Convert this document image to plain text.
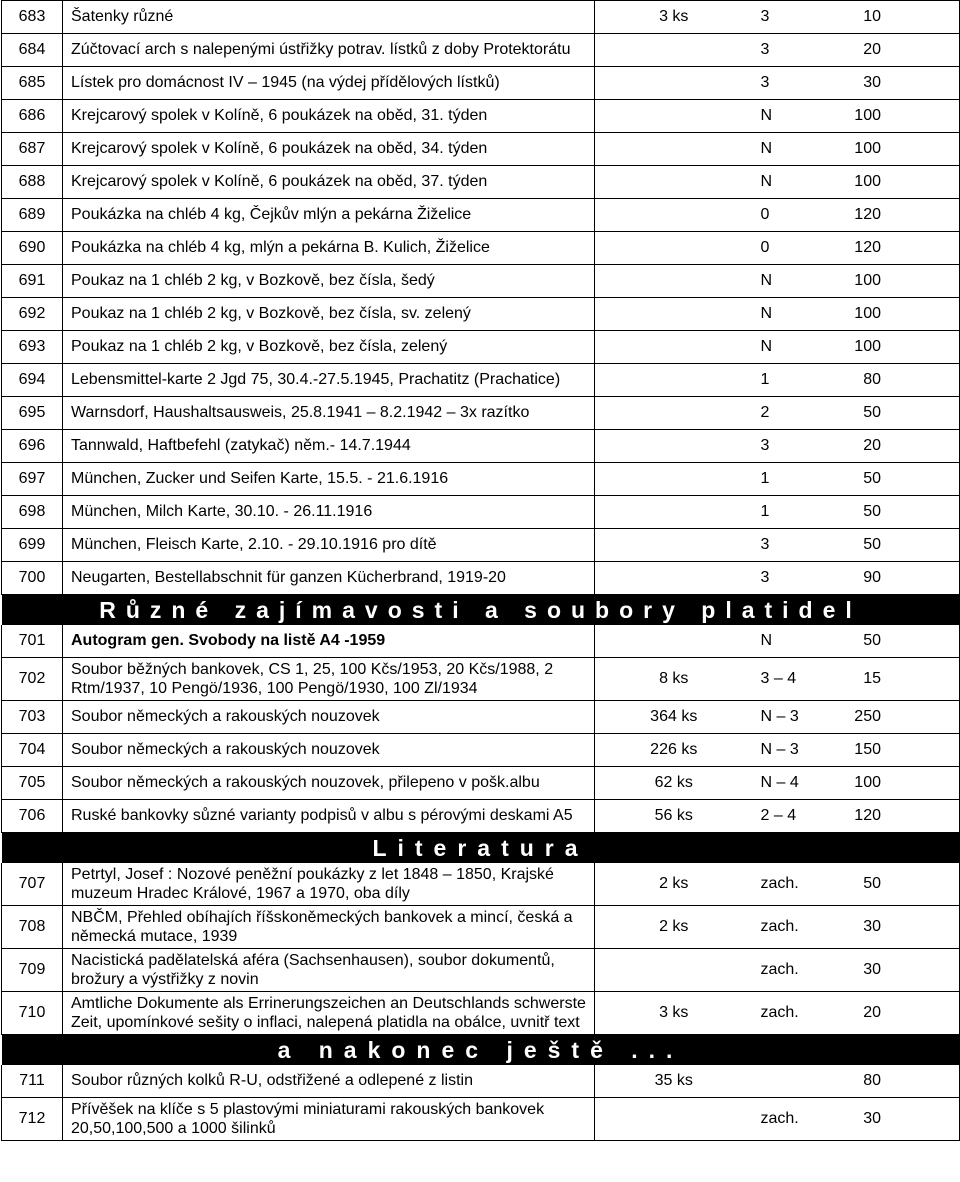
683	Šatenky různé	3 ks	3	10
684	Zúčtovací arch s nalepenými ústřižky potrav. lístků z doby Protektorátu		3	20
685	Lístek pro domácnost IV – 1945 (na výdej přídělových lístků)		3	30
686	Krejcarový spolek v Kolíně, 6 poukázek na oběd, 31. týden		N	100
687	Krejcarový spolek v Kolíně, 6 poukázek na oběd, 34. týden		N	100
688	Krejcarový spolek v Kolíně, 6 poukázek na oběd, 37. týden		N	100
689	Poukázka na chléb 4 kg, Čejkův mlýn a pekárna Žiželice		0	120
690	Poukázka na chléb 4 kg, mlýn a pekárna B. Kulich, Žiželice		0	120
691	Poukaz na 1 chléb 2 kg, v Bozkově, bez čísla, šedý		N	100
692	Poukaz na 1 chléb 2 kg, v Bozkově, bez čísla, sv. zelený		N	100
693	Poukaz na 1 chléb 2 kg, v Bozkově, bez čísla, zelený		N	100
694	Lebensmittel-karte 2 Jgd 75, 30.4.-27.5.1945, Prachatitz (Prachatice)		1	80
695	Warnsdorf, Haushaltsausweis, 25.8.1941 – 8.2.1942 – 3x razítko		2	50
696	Tannwald, Haftbefehl (zatykač) něm.- 14.7.1944		3	20
697	München, Zucker und Seifen Karte, 15.5. - 21.6.1916		1	50
698	München, Milch Karte, 30.10. - 26.11.1916		1	50
699	München, Fleisch Karte, 2.10. - 29.10.1916 pro dítě		3	50
700	Neugarten, Bestellabschnit für ganzen Kücherbrand, 1919-20		3	90
Různé zajímavosti a soubory platidel				
701	Autogram gen. Svobody na listě A4 -1959		N	50
702	Soubor běžných bankovek, CS 1, 25, 100 Kčs/1953, 20 Kčs/1988, 2 Rtm/1937, 10 Pengö/1936, 100 Pengö/1930, 100 Zl/1934	8 ks	3 – 4	15
703	Soubor německých a rakouských nouzovek	364 ks	N – 3	250
704	Soubor německých a rakouských nouzovek	226 ks	N – 3	150
705	Soubor německých a rakouských nouzovek, přilepeno v pošk.albu	62 ks	N – 4	100
706	Ruské bankovky sůzné varianty podpisů v albu s pérovými deskami A5	56 ks	2 – 4	120
Literatura				
707	Petrtyl, Josef : Nozové peněžní poukázky z let 1848 – 1850, Krajské muzeum Hradec Králové, 1967 a 1970, oba díly	2 ks	zach.	50
708	NBČM, Přehled obíhajích říšskoněmeckých bankovek a mincí, česká a německá mutace, 1939	2 ks	zach.	30
709	Nacistická padělatelská aféra (Sachsenhausen), soubor dokumentů, brožury a výstřižky z novin		zach.	30
710	Amtliche Dokumente als Errinerungszeichen an Deutschlands schwerste Zeit, upomínkové sešity o inflaci, nalepená platidla na obálce, uvnitř text	3 ks	zach.	20
a nakonec ještě ...				
711	Soubor různých kolků R-U, odstřižené a odlepené z listin	35 ks		80
712	Přívěšek na klíče s 5 plastovými miniaturami rakouských bankovek 20,50,100,500 a 1000 šilinků		zach.	30
